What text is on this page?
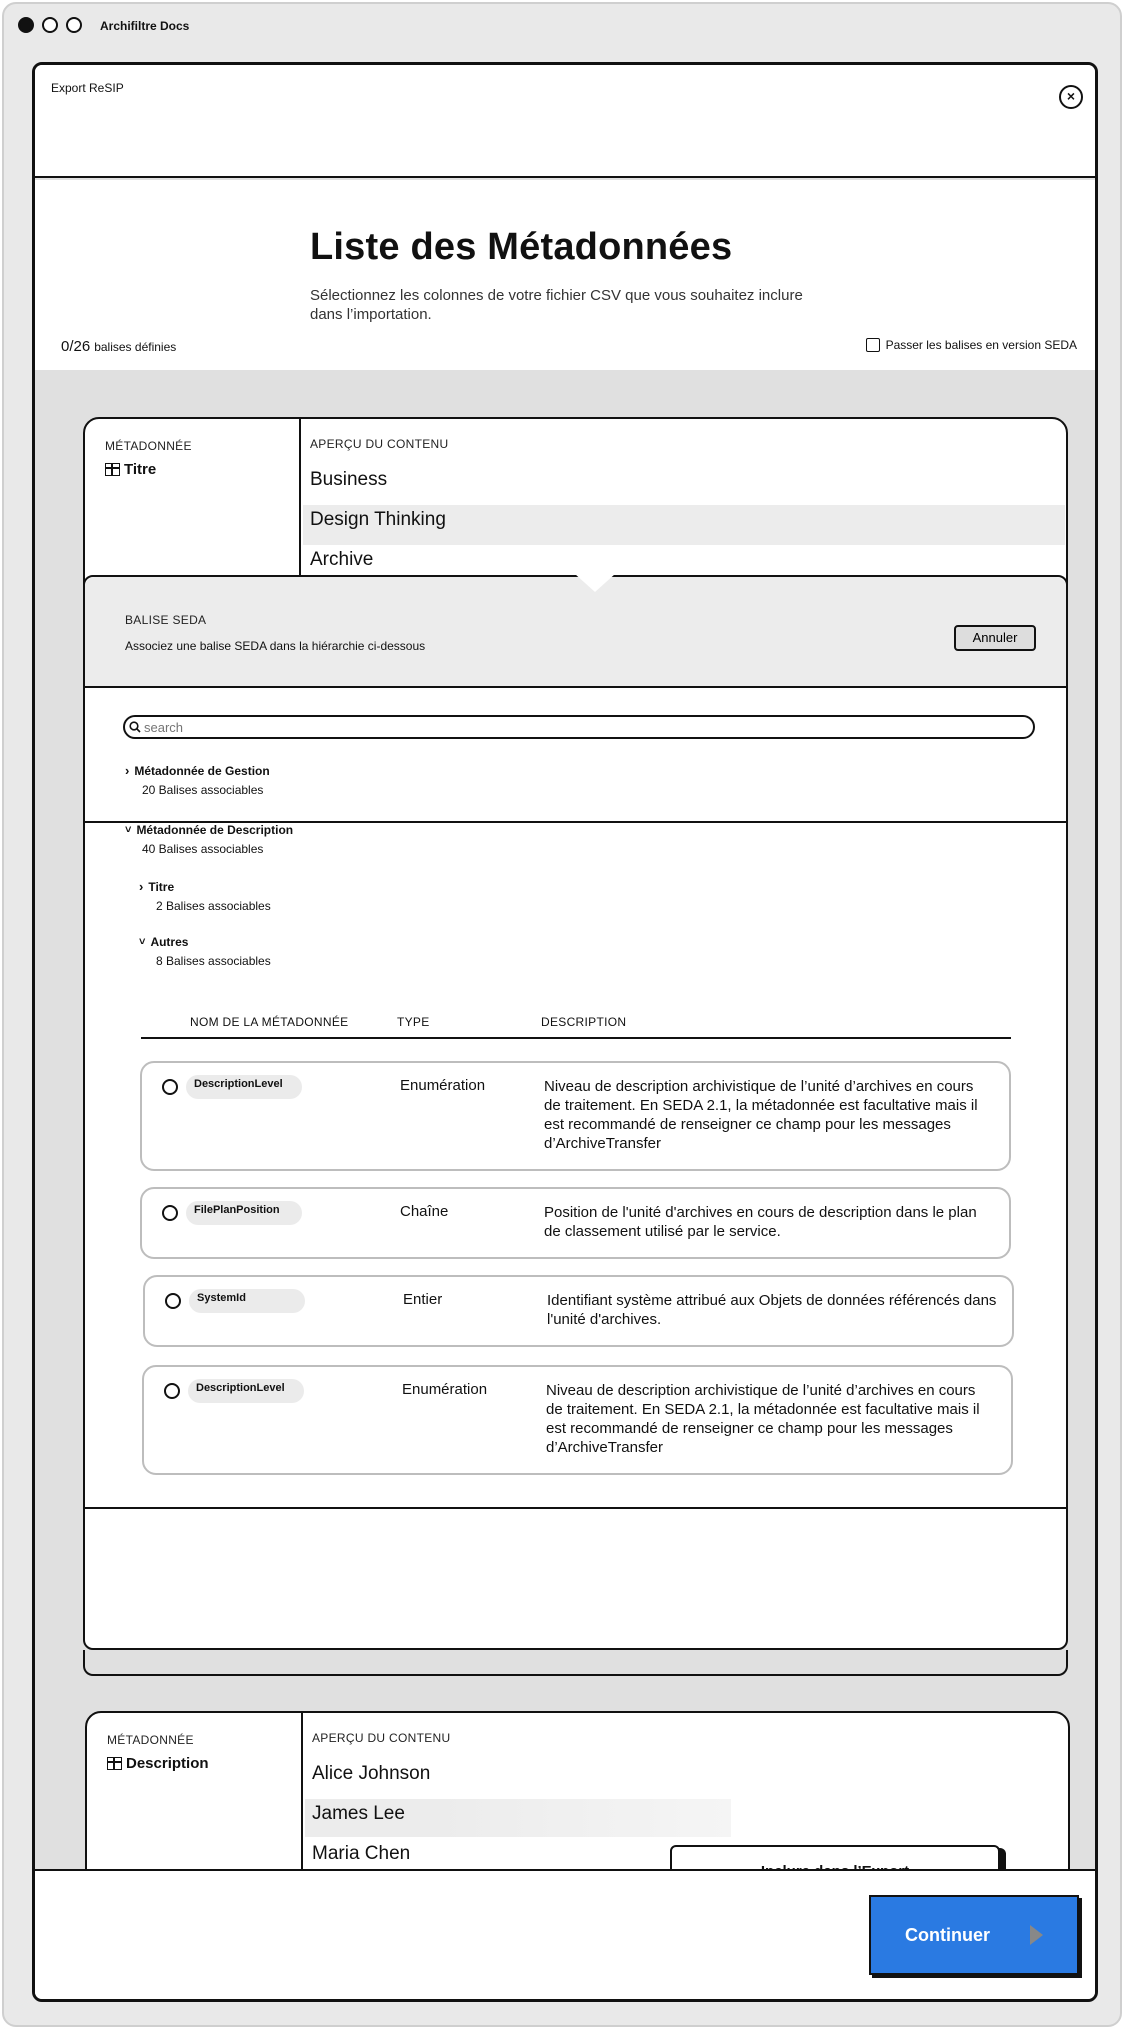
Archifiltre Docs
Export ReSIP	×
Liste des Métadonnées
Sélectionnez les colonnes de votre fichier CSV que vous souhaitez inclure dans l’importation.
0/26 balises définies	Passer les balises en version SEDA
MÉTADONNÉE
Titre
APERÇU DU CONTENU
Business
Design Thinking
Archive
BALISE SEDA
Associez une balise SEDA dans la hiérarchie ci-dessous
Annuler
search
› Métadonnée de Gestion
20 Balises associables
˅ Métadonnée de Description
40 Balises associables
› Titre
2 Balises associables
˅ Autres
8 Balises associables
NOM DE LA MÉTADONNÉE	TYPE	DESCRIPTION
DescriptionLevel	Enumération	Niveau de description archivistique de l’unité d’archives en cours de traitement. En SEDA 2.1, la métadonnée est facultative mais il est recommandé de renseigner ce champ pour les messages d’ArchiveTransfer
FilePlanPosition	Chaîne	Position de l'unité d'archives en cours de description dans le plan de classement utilisé par le service.
SystemId	Entier	Identifiant système attribué aux Objets de données référencés dans l'unité d'archives.
DescriptionLevel	Enumération	Niveau de description archivistique de l’unité d’archives en cours de traitement. En SEDA 2.1, la métadonnée est facultative mais il est recommandé de renseigner ce champ pour les messages d’ArchiveTransfer
MÉTADONNÉE
Description
APERÇU DU CONTENU
Alice Johnson
James Lee
Maria Chen
Continuer
